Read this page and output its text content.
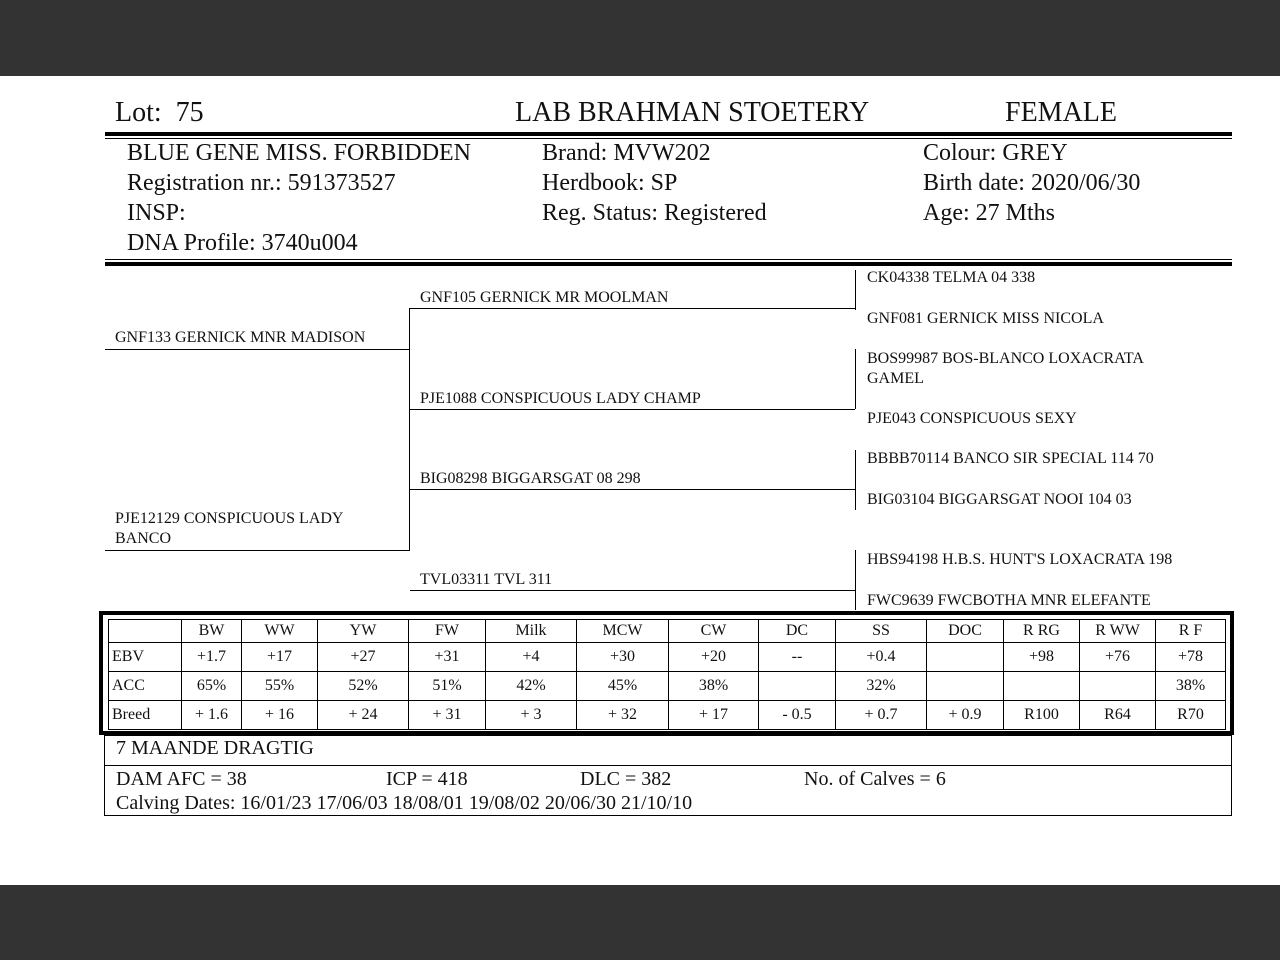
Lot: 75	LAB BRAHMAN STOETERY	FEMALE
BLUE GENE MISS. FORBIDDEN
Registration nr.: 591373527
INSP:
DNA Profile: 3740u004
Brand: MVW202
Herdbook: SP
Reg. Status: Registered
Colour: GREY
Birth date: 2020/06/30
Age: 27 Mths
GNF133 GERNICK MNR MADISON
PJE12129 CONSPICUOUS LADY
BANCO
GNF105 GERNICK MR MOOLMAN
PJE1088 CONSPICUOUS LADY CHAMP
BIG08298 BIGGARSGAT 08 298
TVL03311 TVL 311
CK04338 TELMA 04 338
GNF081 GERNICK MISS NICOLA
BOS99987 BOS-BLANCO LOXACRATA
GAMEL
PJE043 CONSPICUOUS SEXY
BBBB70114 BANCO SIR SPECIAL 114 70
BIG03104 BIGGARSGAT NOOI 104 03
HBS94198 H.B.S. HUNT'S LOXACRATA 198
FWC9639 FWCBOTHA MNR ELEFANTE
	BW	WW	YW	FW	Milk	MCW	CW	DC	SS	DOC	R RG	R WW	R F
EBV	+1.7	+17	+27	+31	+4	+30	+20	--	+0.4		+98	+76	+78
ACC	65%	55%	52%	51%	42%	45%	38%		32%				38%
Breed	+ 1.6	+ 16	+ 24	+ 31	+ 3	+ 32	+ 17	- 0.5	+ 0.7	+ 0.9	R100	R64	R70
7 MAANDE DRAGTIG
DAM AFC = 38	ICP = 418	DLC = 382	No. of Calves = 6
Calving Dates: 16/01/23 17/06/03 18/08/01 19/08/02 20/06/30 21/10/10
